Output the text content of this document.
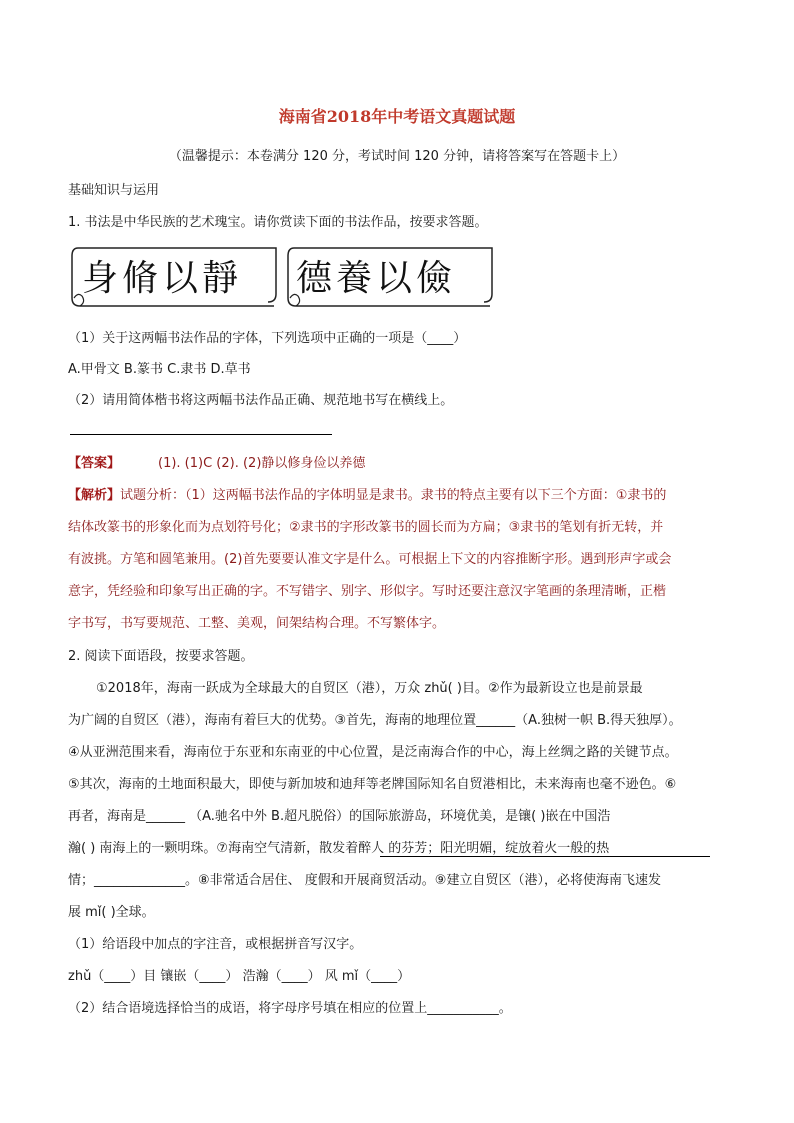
海南省2018年中考语文真题试题
（温馨提示：本卷满分 120 分，考试时间 120 分钟，请将答案写在答题卡上）
基础知识与运用
1. 书法是中华民族的艺术瑰宝。请你赏读下面的书法作品，按要求答题。
身脩以靜 德養以儉
（1）关于这两幅书法作品的字体，下列选项中正确的一项是（____）
A.甲骨文 B.篆书 C.隶书 D.草书
（2）请用简体楷书将这两幅书法作品正确、规范地书写在横线上。
【答案】	(1). (1)C (2). (2)静以修身俭以养德
【解析】 试题分析：（1）这两幅书法作品的字体明显是隶书。隶书的特点主要有以下三个方面：①隶书的
结体改篆书的形象化而为点划符号化；②隶书的字形改篆书的圆长而为方扁；③隶书的笔划有折无转，并
有波挑。方笔和圆笔兼用。(2)首先要要认准文字是什么。可根据上下文的内容推断字形。遇到形声字或会
意字，凭经验和印象写出正确的字。不写错字、别字、形似字。写时还要注意汉字笔画的条理清晰，正楷
字书写，书写要规范、工整、美观，间架结构合理。不写繁体字。
2. 阅读下面语段，按要求答题。
①2018年，海南一跃成为全球最大的自贸区（港），万众 zhǔ( )目。②作为最新设立也是前景最
为广阔的自贸区（港），海南有着巨大的优势。③首先，海南的地理位置______（A.独树一帜 B.得天独厚）。
④从亚洲范围来看，海南位于东亚和东南亚的中心位置，是泛南海合作的中心，海上丝绸之路的关键节点。
⑤其次，海南的土地面积最大，即使与新加坡和迪拜等老牌国际知名自贸港相比，未来海南也毫不逊色。⑥
再者，海南是______ （A.驰名中外 B.超凡脱俗）的国际旅游岛，环境优美，是镶( )嵌在中国浩
瀚( ) 南海上的一颗明珠。⑦海南空气清新，散发着醉人 的芬芳；阳光明媚，绽放着火一般的热
情；______________。⑧非常适合居住、 度假和开展商贸活动。⑨建立自贸区（港），必将使海南飞速发
展 mǐ( )全球。
（1）给语段中加点的字注音，或根据拼音写汉字。
zhǔ（____）目 镶嵌（____） 浩瀚（____） 风 mǐ（____）
（2）结合语境选择恰当的成语，将字母序号填在相应的位置上___________。
